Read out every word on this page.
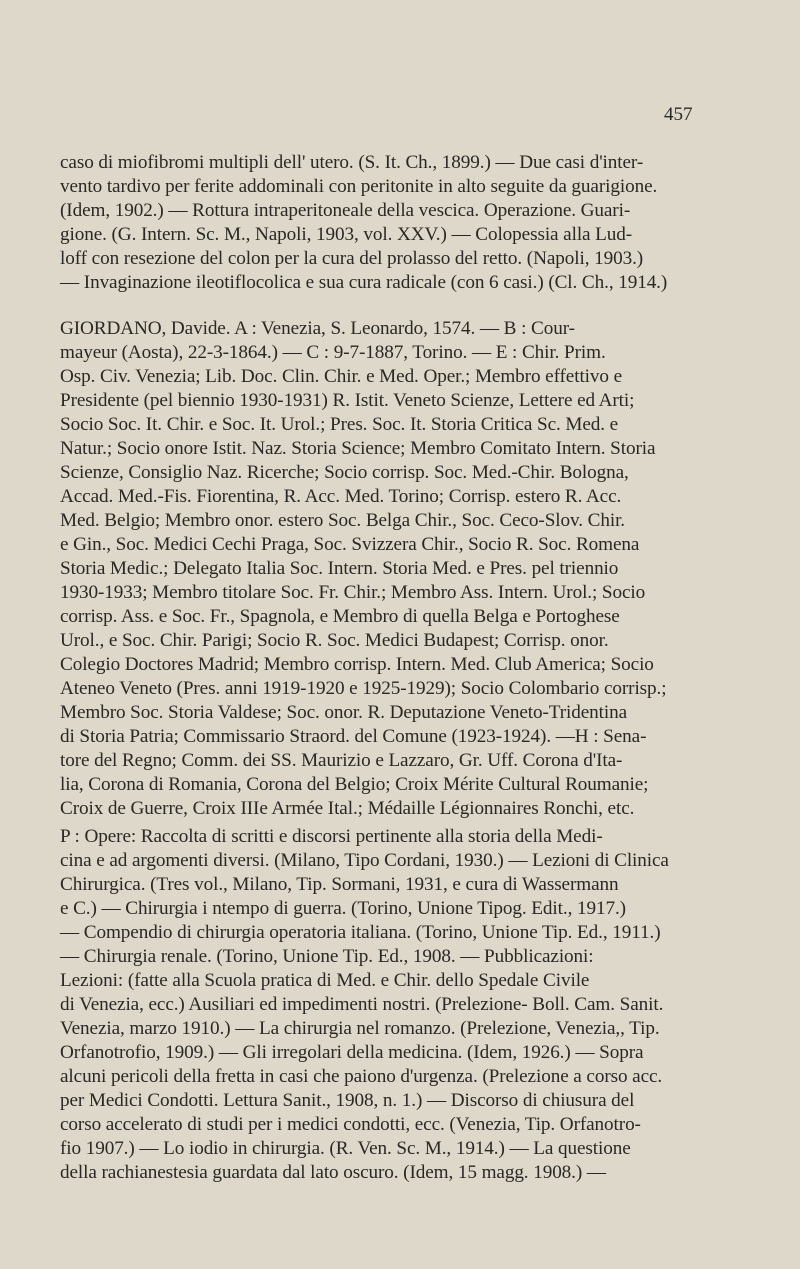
457
caso di miofibromi multipli dell' utero. (S. It. Ch., 1899.) — Due casi d'inter-
vento tardivo per ferite addominali con peritonite in alto seguite da guarigione.
(Idem, 1902.) — Rottura intraperitoneale della vescica. Operazione. Guari-
gione. (G. Intern. Sc. M., Napoli, 1903, vol. XXV.) — Colopessia alla Lud-
loff con resezione del colon per la cura del prolasso del retto. (Napoli, 1903.)
— Invaginazione ileotiflocolica e sua cura radicale (con 6 casi.) (Cl. Ch., 1914.)
GIORDANO, Davide. A : Venezia, S. Leonardo, 1574. — B : Cour-
mayeur (Aosta), 22-3-1864.) — C : 9-7-1887, Torino. — E : Chir. Prim.
Osp. Civ. Venezia; Lib. Doc. Clin. Chir. e Med. Oper.; Membro effettivo e
Presidente (pel biennio 1930-1931) R. Istit. Veneto Scienze, Lettere ed Arti;
Socio Soc. It. Chir. e Soc. It. Urol.; Pres. Soc. It. Storia Critica Sc. Med. e
Natur.; Socio onore Istit. Naz. Storia Science; Membro Comitato Intern. Storia
Scienze, Consiglio Naz. Ricerche; Socio corrisp. Soc. Med.-Chir. Bologna,
Accad. Med.-Fis. Fiorentina, R. Acc. Med. Torino; Corrisp. estero R. Acc.
Med. Belgio; Membro onor. estero Soc. Belga Chir., Soc. Ceco-Slov. Chir.
e Gin., Soc. Medici Cechi Praga, Soc. Svizzera Chir., Socio R. Soc. Romena
Storia Medic.; Delegato Italia Soc. Intern. Storia Med. e Pres. pel triennio
1930-1933; Membro titolare Soc. Fr. Chir.; Membro Ass. Intern. Urol.; Socio
corrisp. Ass. e Soc. Fr., Spagnola, e Membro di quella Belga e Portoghese
Urol., e Soc. Chir. Parigi; Socio R. Soc. Medici Budapest; Corrisp. onor.
Colegio Doctores Madrid; Membro corrisp. Intern. Med. Club America; Socio
Ateneo Veneto (Pres. anni 1919-1920 e 1925-1929); Socio Colombario corrisp.;
Membro Soc. Storia Valdese; Soc. onor. R. Deputazione Veneto-Tridentina
di Storia Patria; Commissario Straord. del Comune (1923-1924). —H : Sena-
tore del Regno; Comm. dei SS. Maurizio e Lazzaro, Gr. Uff. Corona d'Ita-
lia, Corona di Romania, Corona del Belgio; Croix Mérite Cultural Roumanie;
Croix de Guerre, Croix IIIe Armée Ital.; Médaille Légionnaires Ronchi, etc.
P : Opere: Raccolta di scritti e discorsi pertinente alla storia della Medi-
cina e ad argomenti diversi. (Milano, Tipo Cordani, 1930.) — Lezioni di Clinica
Chirurgica. (Tres vol., Milano, Tip. Sormani, 1931, e cura di Wassermann
e C.) — Chirurgia i ntempo di guerra. (Torino, Unione Tipog. Edit., 1917.)
— Compendio di chirurgia operatoria italiana. (Torino, Unione Tip. Ed., 1911.)
— Chirurgia renale. (Torino, Unione Tip. Ed., 1908. — Pubblicazioni:
Lezioni: (fatte alla Scuola pratica di Med. e Chir. dello Spedale Civile
di Venezia, ecc.) Ausiliari ed impedimenti nostri. (Prelezione- Boll. Cam. Sanit.
Venezia, marzo 1910.) — La chirurgia nel romanzo. (Prelezione, Venezia,, Tip.
Orfanotrofio, 1909.) — Gli irregolari della medicina. (Idem, 1926.) — Sopra
alcuni pericoli della fretta in casi che paiono d'urgenza. (Prelezione a corso acc.
per Medici Condotti. Lettura Sanit., 1908, n. 1.) — Discorso di chiusura del
corso accelerato di studi per i medici condotti, ecc. (Venezia, Tip. Orfanotro-
fio 1907.) — Lo iodio in chirurgia. (R. Ven. Sc. M., 1914.) — La questione
della rachianestesia guardata dal lato oscuro. (Idem, 15 magg. 1908.) —
